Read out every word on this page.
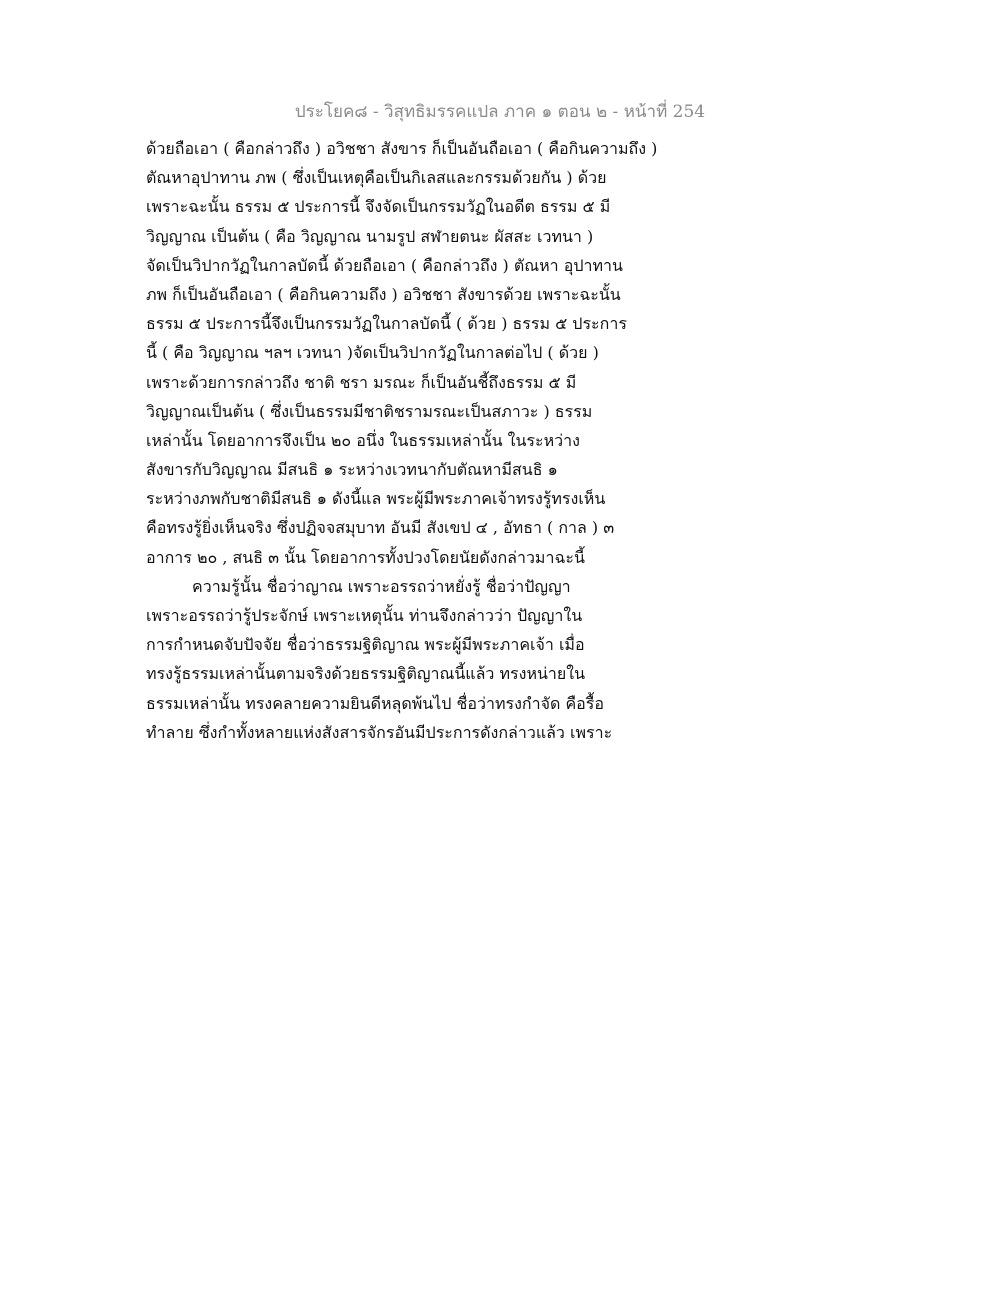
ประโยค๘ - วิสุทธิมรรคแปล ภาค ๑ ตอน ๒ - หน้าที่ 254
ด้วยถือเอา ( คือกล่าวถึง ) อวิชชา สังขาร ก็เป็นอันถือเอา ( คือกินความถึง )
ตัณหาอุปาทาน ภพ ( ซึ่งเป็นเหตุคือเป็นกิเลสและกรรมด้วยกัน ) ด้วย
เพราะฉะนั้น ธรรม ๕ ประการนี้ จึงจัดเป็นกรรมวัฏในอดีต ธรรม ๕ มี
วิญญาณ เป็นต้น ( คือ วิญญาณ นามรูป สฬายตนะ ผัสสะ เวทนา )
จัดเป็นวิปากวัฏในกาลบัดนี้ ด้วยถือเอา ( คือกล่าวถึง ) ตัณหา อุปาทาน
ภพ ก็เป็นอันถือเอา ( คือกินความถึง ) อวิชชา สังขารด้วย เพราะฉะนั้น
ธรรม ๕ ประการนี้จึงเป็นกรรมวัฏในกาลบัดนี้ ( ด้วย ) ธรรม ๕ ประการ
นี้ ( คือ วิญญาณ ฯลฯ เวทนา )จัดเป็นวิปากวัฏในกาลต่อไป ( ด้วย )
เพราะด้วยการกล่าวถึง ชาติ ชรา มรณะ ก็เป็นอันชี้ถึงธรรม ๕ มี
วิญญาณเป็นต้น ( ซึ่งเป็นธรรมมีชาติชรามรณะเป็นสภาวะ ) ธรรม
เหล่านั้น โดยอาการจึงเป็น ๒๐ อนึ่ง ในธรรมเหล่านั้น ในระหว่าง
สังขารกับวิญญาณ มีสนธิ ๑ ระหว่างเวทนากับตัณหามีสนธิ ๑
ระหว่างภพกับชาติมีสนธิ ๑ ดังนี้แล พระผู้มีพระภาคเจ้าทรงรู้ทรงเห็น
คือทรงรู้ยิ่งเห็นจริง ซึ่งปฏิจจสมุบาท อันมี สังเขป ๔ , อัทธา ( กาล ) ๓
อาการ ๒๐ , สนธิ ๓ นั้น โดยอาการทั้งปวงโดยนัยดังกล่าวมาฉะนี้
ความรู้นั้น ชื่อว่าญาณ เพราะอรรถว่าหยั่งรู้ ชื่อว่าปัญญา
เพราะอรรถว่ารู้ประจักษ์ เพราะเหตุนั้น ท่านจึงกล่าวว่า ปัญญาใน
การกำหนดจับปัจจัย ชื่อว่าธรรมฐิติญาณ พระผู้มีพระภาคเจ้า เมื่อ
ทรงรู้ธรรมเหล่านั้นตามจริงด้วยธรรมฐิติญาณนี้แล้ว ทรงหน่ายใน
ธรรมเหล่านั้น ทรงคลายความยินดีหลุดพ้นไป ชื่อว่าทรงกำจัด คือรื้อ
ทำลาย ซึ่งกำทั้งหลายแห่งสังสารจักรอันมีประการดังกล่าวแล้ว เพราะ
